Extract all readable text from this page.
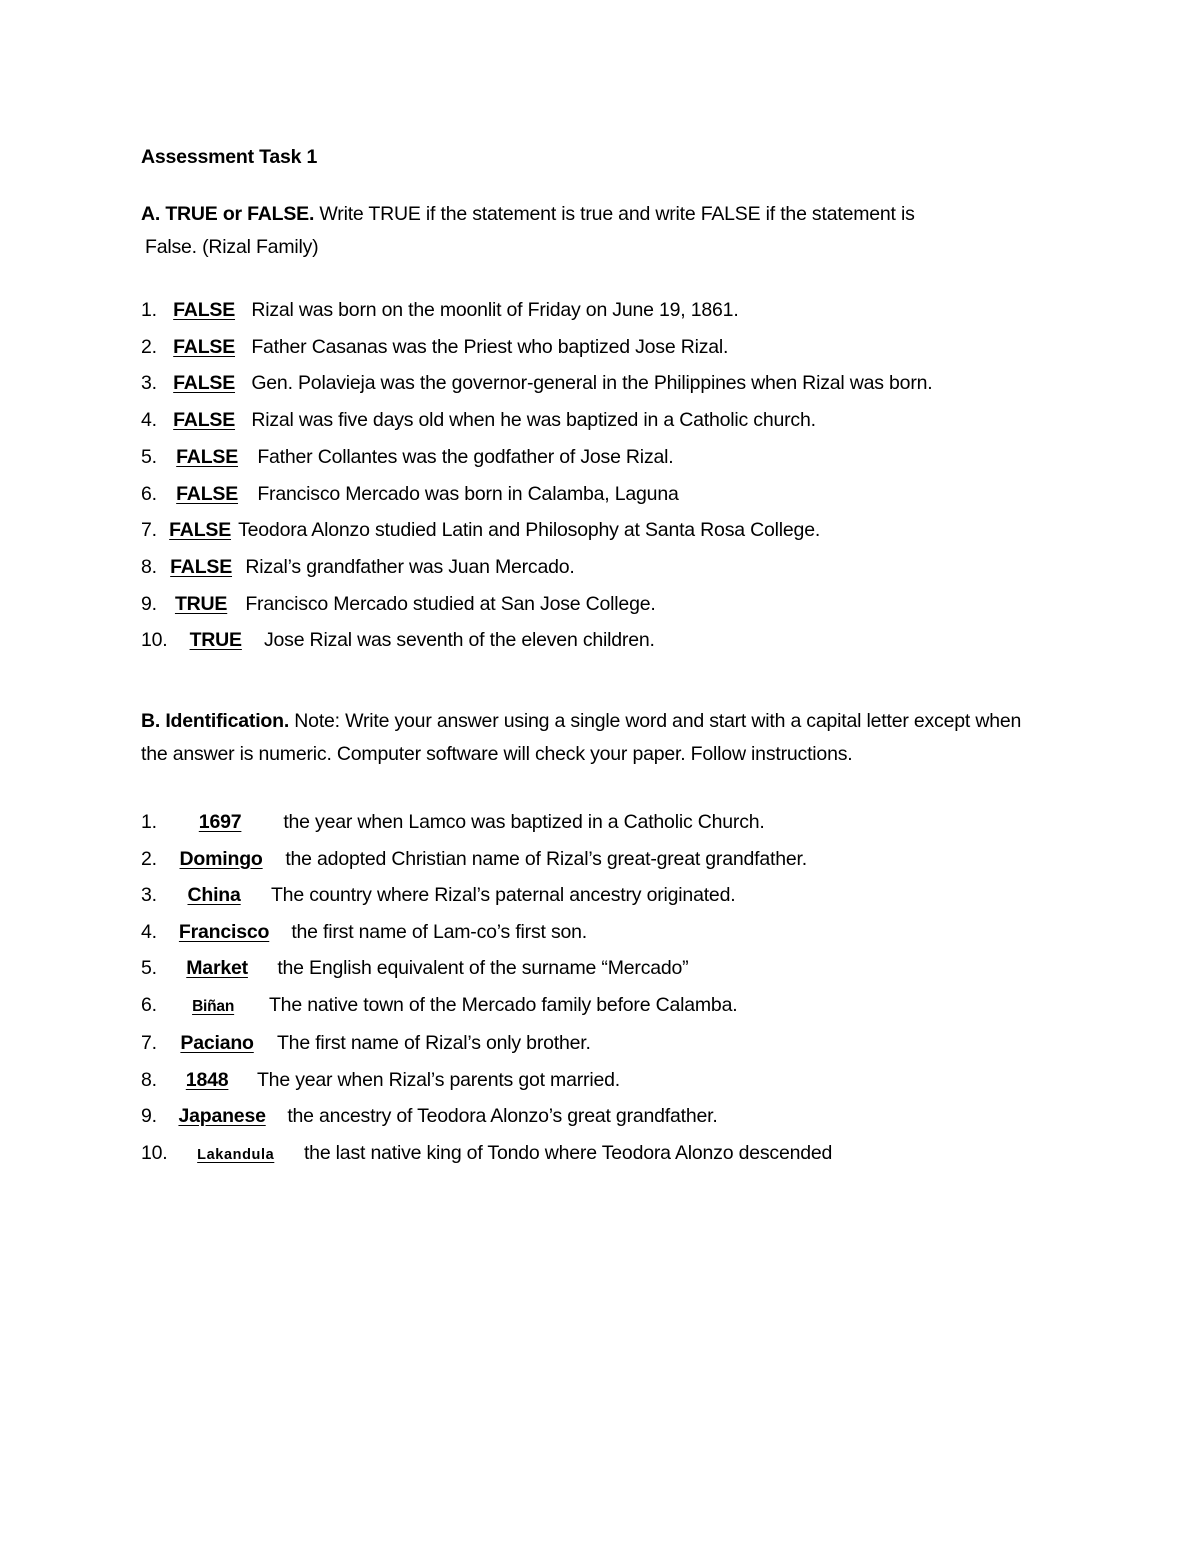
Assessment Task 1

A. TRUE or FALSE. Write TRUE if the statement is true and write FALSE if the statement is
False. (Rizal Family)

1. FALSE Rizal was born on the moonlit of Friday on June 19, 1861.
2. FALSE Father Casanas was the Priest who baptized Jose Rizal.
3. FALSE Gen. Polavieja was the governor-general in the Philippines when Rizal was born.
4. FALSE Rizal was five days old when he was baptized in a Catholic church.
5. FALSE Father Collantes was the godfather of Jose Rizal.
6. FALSE Francisco Mercado was born in Calamba, Laguna
7. FALSE Teodora Alonzo studied Latin and Philosophy at Santa Rosa College.
8. FALSE Rizal’s grandfather was Juan Mercado.
9. TRUE Francisco Mercado studied at San Jose College.
10. TRUE Jose Rizal was seventh of the eleven children.

B. Identification. Note: Write your answer using a single word and start with a capital letter except when the answer is numeric. Computer software will check your paper. Follow instructions.

1. 1697 the year when Lamco was baptized in a Catholic Church.
2. Domingo the adopted Christian name of Rizal’s great-great grandfather.
3. China The country where Rizal’s paternal ancestry originated.
4. Francisco the first name of Lam-co’s first son.
5. Market the English equivalent of the surname “Mercado”
6. Biñan The native town of the Mercado family before Calamba.
7. Paciano The first name of Rizal’s only brother.
8. 1848 The year when Rizal’s parents got married.
9. Japanese the ancestry of Teodora Alonzo’s great grandfather.
10. Lakandula the last native king of Tondo where Teodora Alonzo descended
